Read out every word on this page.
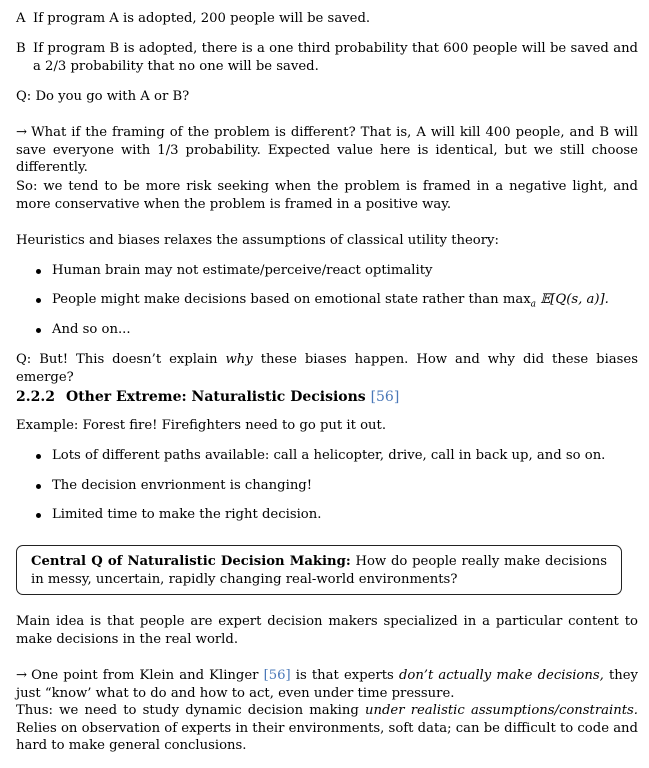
A If program A is adopted, 200 people will be saved.
B If program B is adopted, there is a one third probability that 600 people will be saved and a 2/3 probability that no one will be saved.
Q: Do you go with A or B?
→ What if the framing of the problem is different? That is, A will kill 400 people, and B will save everyone with 1/3 probability. Expected value here is identical, but we still choose differently.
So: we tend to be more risk seeking when the problem is framed in a negative light, and more conservative when the problem is framed in a positive way.
Heuristics and biases relaxes the assumptions of classical utility theory:
Human brain may not estimate/perceive/react optimality
People might make decisions based on emotional state rather than $\max_a$ 𝔼[Q(s, a)].
And so on...
Q: But! This doesn’t explain why these biases happen. How and why did these biases emerge?
2.2.2 Other Extreme: Naturalistic Decisions [56]
Example: Forest fire! Firefighters need to go put it out.
Lots of different paths available: call a helicopter, drive, call in back up, and so on.
The decision envrionment is changing!
Limited time to make the right decision.
Central Q of Naturalistic Decision Making: How do people really make decisions in messy, uncertain, rapidly changing real-world environments?
Main idea is that people are expert decision makers specialized in a particular content to make decisions in the real world.
→ One point from Klein and Klinger [56] is that experts don’t actually make decisions, they just “know’ what to do and how to act, even under time pressure.
Thus: we need to study dynamic decision making under realistic assumptions/constraints. Relies on observation of experts in their environments, soft data; can be difficult to code and hard to make general conclusions.
